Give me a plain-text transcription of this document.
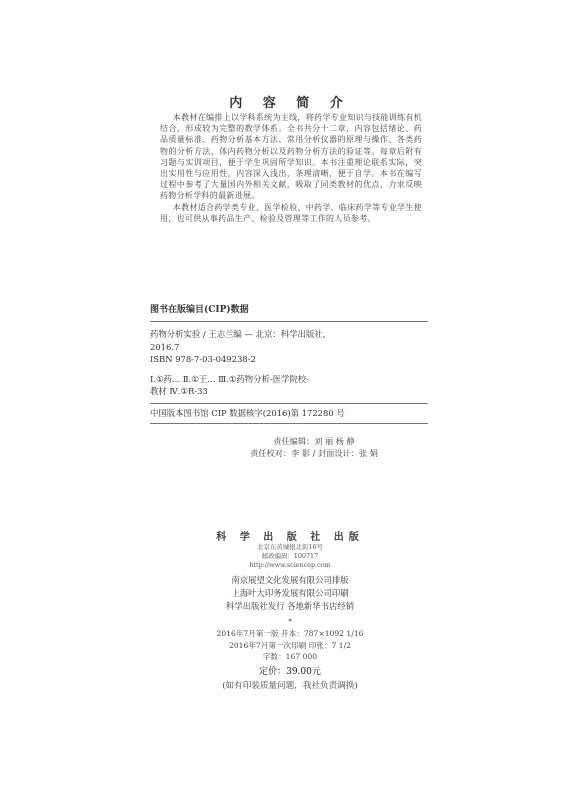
内 容 简 介

本教材在编排上以学科系统为主线，将药学专业知识与技能训练有机结合，形成较为完整的教学体系。全书共分十二章，内容包括绪论、药品质量标准、药物分析基本方法、常用分析仪器的原理与操作、各类药物的分析方法、体内药物分析以及药物分析方法的验证等。每章后附有习题与实训项目，便于学生巩固所学知识。本书注重理论联系实际，突出实用性与应用性，内容深入浅出，条理清晰，便于自学。本书在编写过程中参考了大量国内外相关文献，吸取了同类教材的优点，力求反映药物分析学科的最新进展。

本教材适合药学类专业、医学检验、中药学、临床药学等专业学生使用，也可供从事药品生产、检验及管理等工作的人员参考。

图书在版编目(CIP)数据
药物分析实验 / 王志兰编 — 北京：科学出版社，
2016.7
ISBN 978-7-03-049238-2
Ⅰ.①药… Ⅱ.①王… Ⅲ.①药物分析-医学院校-
教材 Ⅳ.①R-33
中国版本图书馆 CIP 数据核字(2016)第 172280 号
责任编辑：刘 丽 杨 静
责任校对：李 影 / 封面设计：张 娟
科 学 出 版 社 出版
北京东黄城根北街16号
邮政编码：100717
http://www.sciencep.com
南京展望文化发展有限公司排版
上海叶大印务发展有限公司印刷
科学出版社发行 各地新华书店经销
*
2016年7月第一版 开本：787×1092 1/16
2016年7月第一次印刷 印张：7 1/2
字数：167 000
定价：39.00元
(如有印装质量问题，我社负责调换)
